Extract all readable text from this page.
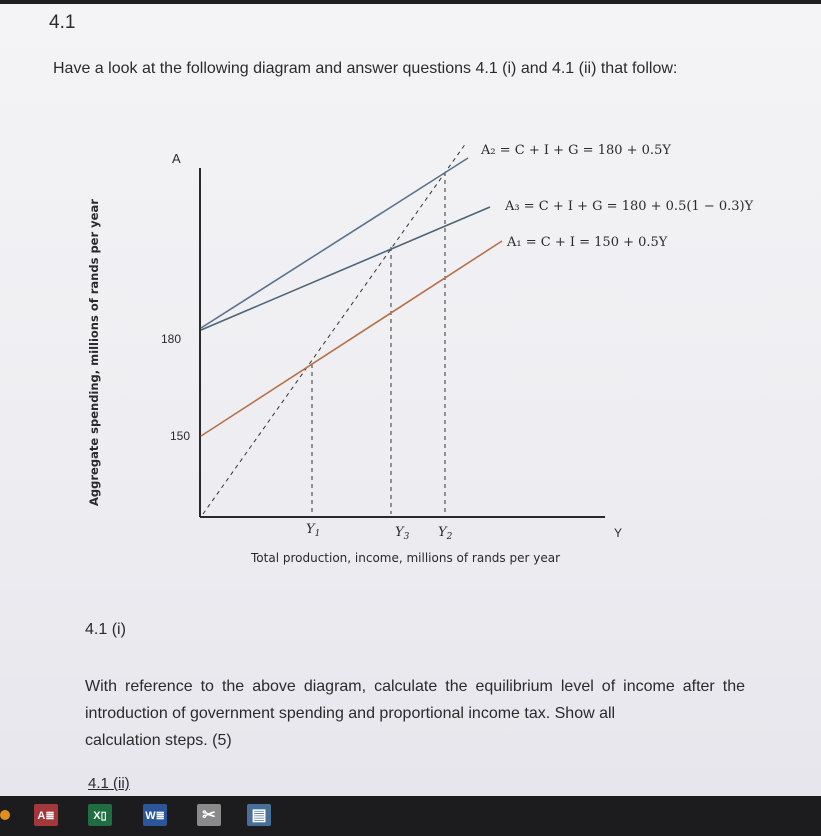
4.1
Have a look at the following diagram and answer questions 4.1 (i) and 4.1 (ii) that follow:
A
Aggregate spending, millions of rands per year	180
150
Y
$Y_1$	$Y_3$ $Y_2$
Total production, income, millions of rands per year
A₂ = C + I + G = 180 + 0.5Y
A₃ = C + I + G = 180 + 0.5(1 − 0.3)Y
A₁ = C + I = 150 + 0.5Y
4.1 (i)
With reference to the above diagram, calculate the equilibrium level of income after the introduction of government spending and proportional income tax. Show all
calculation steps. (5)
4.1 (ii)
A≣	X▯	W≣	✂	▤
